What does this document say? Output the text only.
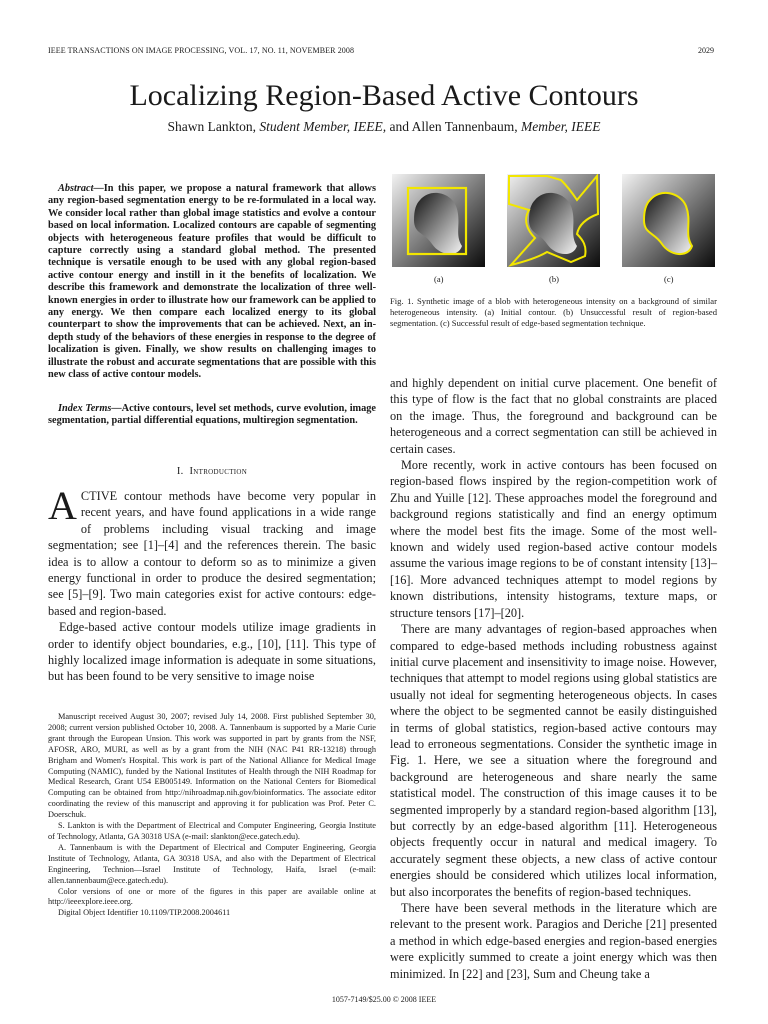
IEEE TRANSACTIONS ON IMAGE PROCESSING, VOL. 17, NO. 11, NOVEMBER 2008	2029
Localizing Region-Based Active Contours
Shawn Lankton, Student Member, IEEE, and Allen Tannenbaum, Member, IEEE
Abstract—In this paper, we propose a natural framework that allows any region-based segmentation energy to be re-formulated in a local way. We consider local rather than global image statistics and evolve a contour based on local information. Localized contours are capable of segmenting objects with heterogeneous feature profiles that would be difficult to capture correctly using a standard global method. The presented technique is versatile enough to be used with any global region-based active contour energy and instill in it the benefits of localization. We describe this framework and demonstrate the localization of three well-known energies in order to illustrate how our framework can be applied to any energy. We then compare each localized energy to its global counterpart to show the improvements that can be achieved. Next, an in-depth study of the behaviors of these energies in response to the degree of localization is given. Finally, we show results on challenging images to illustrate the robust and accurate segmentations that are possible with this new class of active contour models.
Index Terms—Active contours, level set methods, curve evolution, image segmentation, partial differential equations, multiregion segmentation.
I. Introduction

ACTIVE contour methods have become very popular in recent years, and have found applications in a wide range of problems including visual tracking and image segmentation; see [1]–[4] and the references therein. The basic idea is to allow a contour to deform so as to minimize a given energy functional in order to produce the desired segmentation; see [5]–[9]. Two main categories exist for active contours: edge-based and region-based.

Edge-based active contour models utilize image gradients in order to identify object boundaries, e.g., [10], [11]. This type of highly localized image information is adequate in some situations, but has been found to be very sensitive to image noise

Manuscript received August 30, 2007; revised July 14, 2008. First published September 30, 2008; current version published October 10, 2008. A. Tannenbaum is supported by a Marie Curie grant through the European Unsion. This work was supported in part by grants from the NSF, AFOSR, ARO, MURI, as well as by a grant from the NIH (NAC P41 RR-13218) through Brigham and Women's Hospital. This work is part of the National Alliance for Medical Image Computing (NAMIC), funded by the National Institutes of Health through the NIH Roadmap for Medical Research, Grant U54 EB005149. Information on the National Centers for Biomedical Computing can be obtained from http://nihroadmap.nih.gov/bioinformatics. The associate editor coordinating the review of this manuscript and approving it for publication was Prof. Peter C. Doerschuk.

S. Lankton is with the Department of Electrical and Computer Engineering, Georgia Institute of Technology, Atlanta, GA 30318 USA (e-mail: slankton@ece.gatech.edu).

A. Tannenbaum is with the Department of Electrical and Computer Engineering, Georgia Institute of Technology, Atlanta, GA 30318 USA, and also with the Department of Electrical Engineering, Technion—Israel Institute of Technology, Haifa, Israel (e-mail: allen.tannenbaum@ece.gatech.edu).

Color versions of one or more of the figures in this paper are available online at http://ieeexplore.ieee.org.

Digital Object Identifier 10.1109/TIP.2008.2004611

(a)	(b)	(c)
Fig. 1. Synthetic image of a blob with heterogeneous intensity on a background of similar heterogeneous intensity. (a) Initial contour. (b) Unsuccessful result of region-based segmentation. (c) Successful result of edge-based segmentation technique.

and highly dependent on initial curve placement. One benefit of this type of flow is the fact that no global constraints are placed on the image. Thus, the foreground and background can be heterogeneous and a correct segmentation can still be achieved in certain cases.

More recently, work in active contours has been focused on region-based flows inspired by the region-competition work of Zhu and Yuille [12]. These approaches model the foreground and background regions statistically and find an energy optimum where the model best fits the image. Some of the most well-known and widely used region-based active contour models assume the various image regions to be of constant intensity [13]–[16]. More advanced techniques attempt to model regions by known distributions, intensity histograms, texture maps, or structure tensors [17]–[20].

There are many advantages of region-based approaches when compared to edge-based methods including robustness against initial curve placement and insensitivity to image noise. However, techniques that attempt to model regions using global statistics are usually not ideal for segmenting heterogeneous objects. In cases where the object to be segmented cannot be easily distinguished in terms of global statistics, region-based active contours may lead to erroneous segmentations. Consider the synthetic image in Fig. 1. Here, we see a situation where the foreground and background are heterogeneous and share nearly the same statistical model. The construction of this image causes it to be segmented improperly by a standard region-based algorithm [13], but correctly by an edge-based algorithm [11]. Heterogeneous objects frequently occur in natural and medical imagery. To accurately segment these objects, a new class of active contour energies should be considered which utilizes local information, but also incorporates the benefits of region-based techniques.

There have been several methods in the literature which are relevant to the present work. Paragios and Deriche [21] presented a method in which edge-based energies and region-based energies were explicitly summed to create a joint energy which was then minimized. In [22] and [23], Sum and Cheung take a

1057-7149/$25.00 © 2008 IEEE
